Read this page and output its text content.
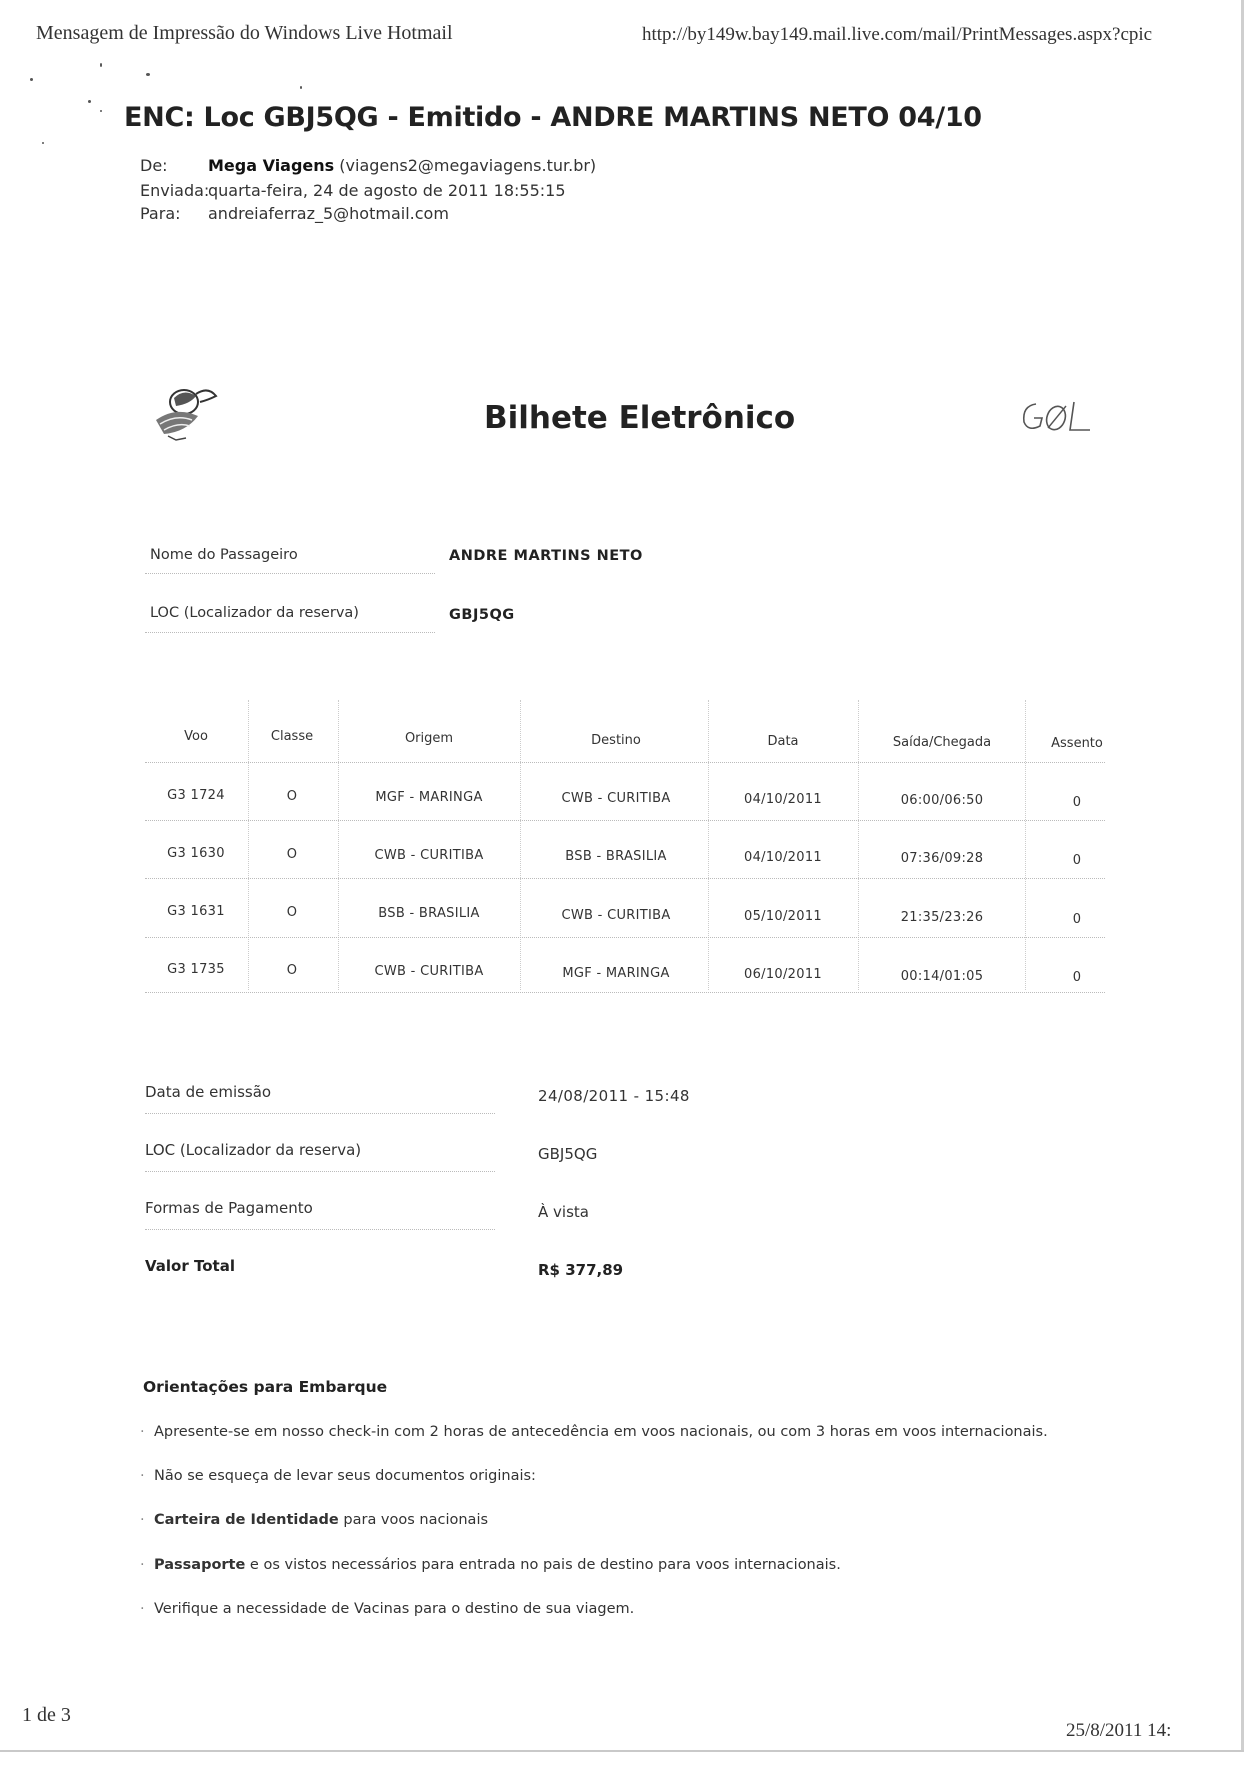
Mensagem de Impressão do Windows Live Hotmail	http://by149w.bay149.mail.live.com/mail/PrintMessages.aspx?cpic
ENC: Loc GBJ5QG - Emitido - ANDRE MARTINS NETO 04/10
De:	Mega Viagens (viagens2@megaviagens.tur.br)
Enviada:
quarta-feira, 24 de agosto de 2011 18:55:15
Para: andreiaferraz_5@hotmail.com
Bilhete Eletrônico
Nome do Passageiro	ANDRE MARTINS NETO
LOC (Localizador da reserva)	GBJ5QG
Voo	Classe	Origem	Destino	Data	Saída/Chegada	Assento
G3 1724	O	MGF - MARINGA	CWB - CURITIBA	04/10/2011	06:00/06:50	0
G3 1630	O	CWB - CURITIBA	BSB - BRASILIA	04/10/2011	07:36/09:28	0
G3 1631	O	BSB - BRASILIA	CWB - CURITIBA	05/10/2011	21:35/23:26	0
G3 1735	O	CWB - CURITIBA	MGF - MARINGA	06/10/2011	00:14/01:05	0
Data de emissão	24/08/2011 - 15:48
LOC (Localizador da reserva)	GBJ5QG
Formas de Pagamento	À vista
Valor Total	R$ 377,89
Orientações para Embarque
· Apresente-se em nosso check-in com 2 horas de antecedência em voos nacionais, ou com 3 horas em voos internacionais.
· Não se esqueça de levar seus documentos originais:
· Carteira de Identidade para voos nacionais
· Passaporte e os vistos necessários para entrada no pais de destino para voos internacionais.
· Verifique a necessidade de Vacinas para o destino de sua viagem.
1 de 3
25/8/2011 14:
